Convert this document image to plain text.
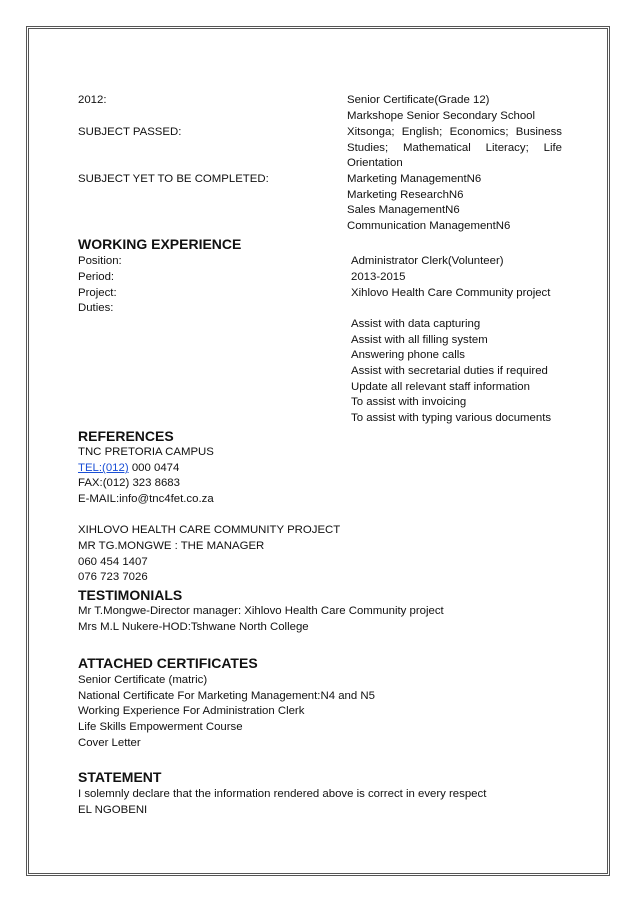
2012:	Senior Certificate(Grade 12)
Markshope Senior Secondary School
SUBJECT PASSED:	Xitsonga; English; Economics; Business Studies; Mathematical Literacy; Life Orientation
SUBJECT YET TO BE COMPLETED:	Marketing ManagementN6
Marketing ResearchN6
Sales ManagementN6
Communication ManagementN6
WORKING EXPERIENCE
Position:	Administrator Clerk(Volunteer)
Period:	2013-2015
Project:	Xihlovo Health Care Community project
Duties:
Assist with data capturing
Assist with all filling system
Answering phone calls
Assist with secretarial duties if required
Update all relevant staff information
To assist with invoicing
To assist with typing various documents
REFERENCES
TNC PRETORIA CAMPUS
TEL:(012) 000 0474
FAX:(012) 323 8683
E-MAIL:info@tnc4fet.co.za
XIHLOVO HEALTH CARE COMMUNITY PROJECT
MR TG.MONGWE : THE MANAGER
060 454 1407
076 723 7026
TESTIMONIALS
Mr T.Mongwe-Director manager: Xihlovo Health Care Community project
Mrs M.L Nukere-HOD:Tshwane North College
ATTACHED CERTIFICATES
Senior Certificate (matric)
National Certificate For Marketing Management:N4 and N5
Working Experience For Administration Clerk
Life Skills Empowerment Course
Cover Letter
STATEMENT
I solemnly declare that the information rendered above is correct in every respect
EL NGOBENI
